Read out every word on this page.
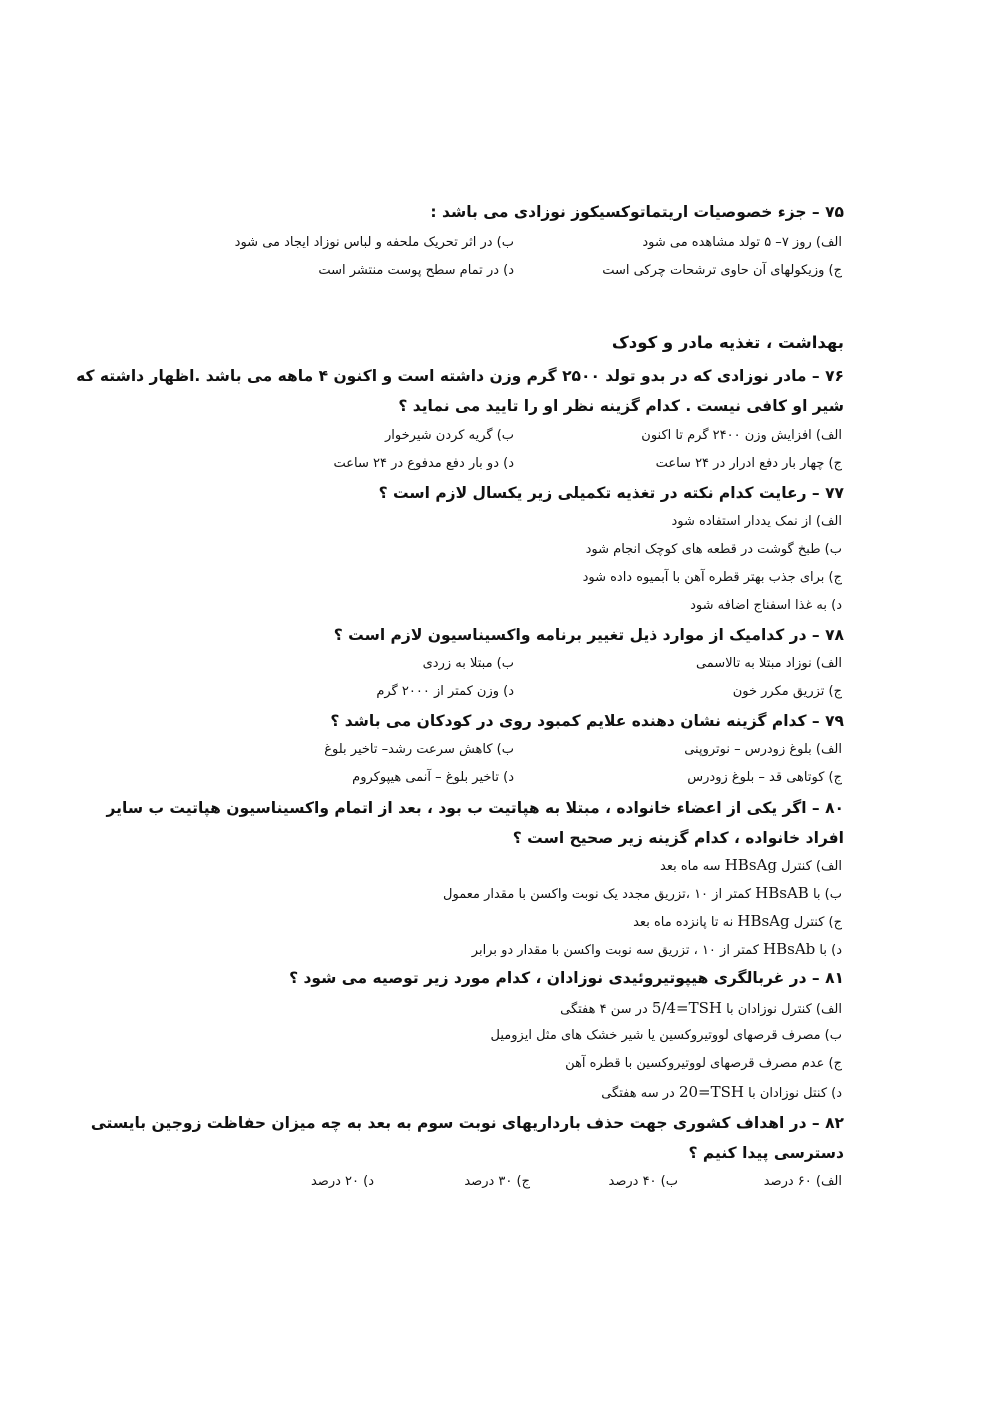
۷۵ – جزء خصوصیات اریتماتوکسیکوز نوزادی می باشد :
الف) روز ۷– ۵ تولد مشاهده می شود
ب) در اثر تحریک ملحفه و لباس نوزاد ایجاد می شود
ج) وزیکولهای آن حاوی ترشحات چرکی است
د) در تمام سطح پوست منتشر است
بهداشت ، تغذیه مادر و کودک
۷۶ – مادر نوزادی که در بدو تولد ۲۵۰۰ گرم وزن داشته است و اکنون ۴ ماهه می باشد .اظهار داشته که
شیر او کافی نیست . کدام گزینه نظر او را تایید می نماید ؟
الف) افزایش وزن ۲۴۰۰ گرم تا اکنون
ب) گریه کردن شیرخوار
ج) چهار بار دفع ادرار در ۲۴ ساعت
د) دو بار دفع مدفوع در ۲۴ ساعت
۷۷ – رعایت کدام نکته در تغذیه تکمیلی زیر یکسال لازم است ؟
الف) از نمک یددار استفاده شود
ب) طبخ گوشت در قطعه های کوچک انجام شود
ج) برای جذب بهتر قطره آهن با آبمیوه داده شود
د) به غذا اسفناج اضافه شود
۷۸ – در کدامیک از موارد ذیل تغییر برنامه واکسیناسیون لازم است ؟
الف) نوزاد مبتلا به تالاسمی
ب) مبتلا به زردی
ج) تزریق مکرر خون
د) وزن کمتر از ۲۰۰۰ گرم
۷۹ – کدام گزینه نشان دهنده علایم کمبود روی در کودکان می باشد ؟
الف) بلوغ زودرس – نوتروپنی
ب) کاهش سرعت رشد– تاخیر بلوغ
ج) کوتاهی قد – بلوغ زودرس
د) تاخیر بلوغ – آنمی هیپوکروم
۸۰ – اگر یکی از اعضاء خانواده ، مبتلا به هپاتیت ب بود ، بعد از اتمام واکسیناسیون هپاتیت ب سایر
افراد خانواده ، کدام گزینه زیر صحیح است ؟
الف) کنترل HBsAg سه ماه بعد
ب) با HBsAB کمتر از ۱۰ ،تزریق مجدد یک نوبت واکسن با مقدار معمول
ج) کنترل HBsAg نه تا پانزده ماه بعد
د) با HBsAb کمتر از ۱۰ ، تزریق سه نوبت واکسن با مقدار دو برابر
۸۱ – در غربالگری هیپوتیروئیدی نوزادان ، کدام مورد زیر توصیه می شود ؟
الف) کنترل نوزادان با 5/4=TSH در سن ۴ هفتگی
ب) مصرف قرصهای لووتیروکسین یا شیر خشک های مثل ایزومیل
ج) عدم مصرف قرصهای لووتیروکسین با قطره آهن
د) کنتل نوزادان با 20=TSH در سه هفتگی
۸۲ – در اهداف کشوری جهت حذف بارداریهای نوبت سوم به بعد به چه میزان حفاظت زوجین بایستی
دسترسی پیدا کنیم ؟
الف) ۶۰ درصد
ب) ۴۰ درصد
ج) ۳۰ درصد
د) ۲۰ درصد
